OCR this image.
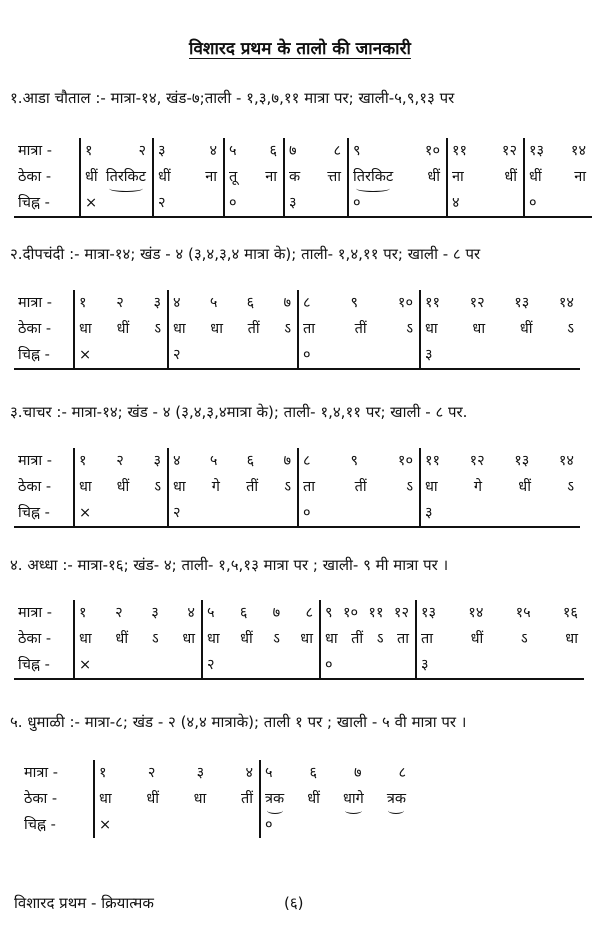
विशारद प्रथम के तालो की जानकारी
१.आडा चौताल :- मात्रा-१४, खंड-७;ताली - १,३,७,११ मात्रा पर; खाली-५,९,१३ पर
मात्रा -	१ २	३ ४	५ ६	७ ८	९ १०	११ १२	१३ १४

ठेका -	धीं तिरकिट	धीं ना	तू ना	क त्ता	तिरकिट धीं	ना धीं	धीं ना

चिह्न -	×	२	०	३	०	४	०
२.दीपचंदी :- मात्रा-१४; खंड - ४ (३,४,३,४ मात्रा के); ताली- १,४,११ पर; खाली - ८ पर
मात्रा -	१ २ ३	४ ५ ६ ७	८ ९ १०	११ १२ १३ १४

ठेका -	धा धीं ऽ	धा धा तीं ऽ	ता तीं ऽ	धा धा धीं ऽ

चिह्न -	×	२	०	३
३.चाचर :- मात्रा-१४; खंड - ४ (३,४,३,४मात्रा के); ताली- १,४,११ पर; खाली - ८ पर.
मात्रा -	१ २ ३	४ ५ ६ ७	८ ९ १०	११ १२ १३ १४

ठेका -	धा धीं ऽ	धा गे तीं ऽ	ता तीं ऽ	धा गे धीं ऽ

चिह्न -	×	२	०	३
४. अध्धा :- मात्रा-१६; खंड- ४; ताली- १,५,१३ मात्रा पर ; खाली- ९ मी मात्रा पर ।
मात्रा -	१ २ ३ ४	५ ६ ७ ८	९ १० ११ १२	१३ १४ १५ १६

ठेका -	धा धीं ऽ धा	धा धीं ऽ धा	धा तीं ऽ ता	ता धीं ऽ धा

चिह्न -	×	२	०	३
५. धुमाळी :- मात्रा-८; खंड - २ (४,४ मात्राके); ताली १ पर ; खाली - ५ वी मात्रा पर ।
मात्रा -	१ २ ३ ४	५ ६ ७ ८

ठेका -	धा धीं धा तीं	त्रक धीं धागे त्रक

चिह्न -	×	०
विशारद प्रथम - क्रियात्मक	(६)
